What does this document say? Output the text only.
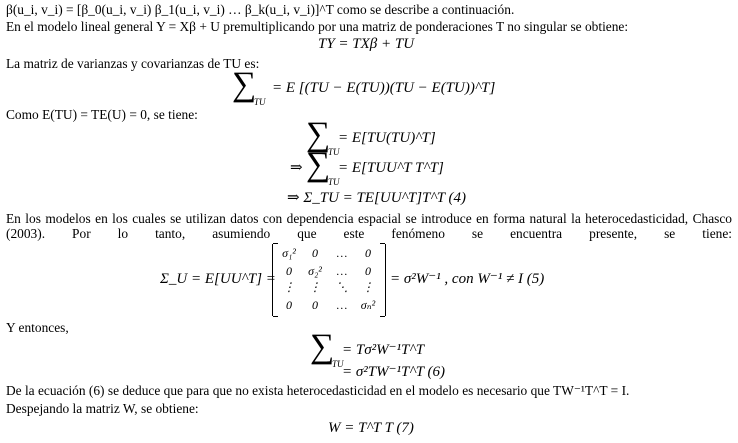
β(u_i, v_i) = [β_0(u_i, v_i) β_1(u_i, v_i) … β_k(u_i, v_i)]^T como se describe a continuación.
En el modelo lineal general Y = Xβ + U premultiplicando por una matriz de ponderaciones T no singular se obtiene:
TY = TXβ + TU
La matriz de varianzas y covarianzas de TU es:
∑
TU
= E [(TU − E(TU))(TU − E(TU))^T]
Como E(TU) = TE(U) = 0, se tiene:
∑
TU
= E[TU(TU)^T]
⇒ ∑
TU
= E[TUU^T T^T]
⇒ Σ_TU = TE[UU^T]T^T (4)
En los modelos en los cuales se utilizan datos con dependencia espacial se introduce en forma natural la heterocedasticidad, Chasco (2003). Por lo tanto, asumiendo que este fenómeno se encuentra presente, se tiene:
Σ_U = E[UU^T] =
σ₁²	0	…	0
0	σ₂²	…	0
⋮	⋮	⋱	⋮
0	0	…	σₙ²
= σ²W⁻¹ , con W⁻¹ ≠ I (5)
Y entonces,
∑
TU
= Tσ²W⁻¹T^T
= σ²TW⁻¹T^T (6)
De la ecuación (6) se deduce que para que no exista heterocedasticidad en el modelo es necesario que TW⁻¹T^T = I.
Despejando la matriz W, se obtiene:
W = T^T T (7)
